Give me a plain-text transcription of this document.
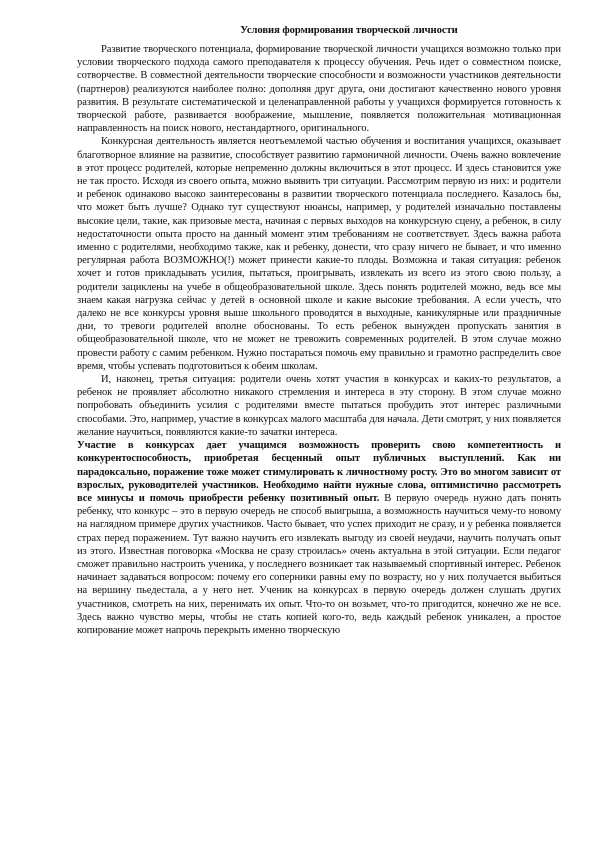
Условия формирования творческой личности

Развитие творческого потенциала, формирование творческой личности учащихся возможно только при условии творческого подхода самого преподавателя к процессу обучения. Речь идет о совместном поиске, сотворчестве. В совместной деятельности творческие способности и возможности участников деятельности (партнеров) реализуются наиболее полно: дополняя друг друга, они достигают качественно нового уровня развития. В результате систематической и целенаправленной работы у учащихся формируется готовность к творческой работе, развивается воображение, мышление, появляется положительная мотивационная направленность на поиск нового, нестандартного, оригинального.

Конкурсная деятельность является неотъемлемой частью обучения и воспитания учащихся, оказывает благотворное влияние на развитие, способствует развитию гармоничной личности. Очень важно вовлечение в этот процесс родителей, которые непременно должны включиться в этот процесс. И здесь становится уже не так просто. Исходя из своего опыта, можно выявить три ситуации. Рассмотрим первую из них: и родители и ребенок одинаково высоко заинтересованы в развитии творческого потенциала последнего. Казалось бы, что может быть лучше? Однако тут существуют нюансы, например, у родителей изначально поставлены высокие цели, такие, как призовые места, начиная с первых выходов на конкурсную сцену, а ребенок, в силу недостаточности опыта просто на данный момент этим требованиям не соответствует. Здесь важна работа именно с родителями, необходимо также, как и ребенку, донести, что сразу ничего не бывает, и что именно регулярная работа ВОЗМОЖНО(!) может принести какие-то плоды. Возможна и такая ситуация: ребенок хочет и готов прикладывать усилия, пытаться, проигрывать, извлекать из всего из этого свою пользу, а родители зациклены на учебе в общеобразовательной школе. Здесь понять родителей можно, ведь все мы знаем какая нагрузка сейчас у детей в основной школе и какие высокие требования. А если учесть, что далеко не все конкурсы уровня выше школьного проводятся в выходные, каникулярные или праздничные дни, то тревоги родителей вполне обоснованы. То есть ребенок вынужден пропускать занятия в общеобразовательной школе, что не может не тревожить современных родителей. В этом случае можно провести работу с самим ребенком. Нужно постараться помочь ему правильно и грамотно распределить свое время, чтобы успевать подготовиться к обеим школам.

И, наконец, третья ситуация: родители очень хотят участия в конкурсах и каких-то результатов, а ребенок не проявляет абсолютно никакого стремления и интереса в эту сторону. В этом случае можно попробовать объединить усилия с родителями вместе пытаться пробудить этот интерес различными способами. Это, например, участие в конкурсах малого масштаба для начала. Дети смотрят, у них появляется желание научиться, появляются какие-то зачатки интереса.

Участие в конкурсах дает учащимся возможность проверить свою компетентность и конкурентоспособность, приобретая бесценный опыт публичных выступлений. Как ни парадоксально, поражение тоже может стимулировать к личностному росту. Это во многом зависит от взрослых, руководителей участников. Необходимо найти нужные слова, оптимистично рассмотреть все минусы и помочь приобрести ребенку позитивный опыт. В первую очередь нужно дать понять ребенку, что конкурс – это в первую очередь не способ выигрыша, а возможность научиться чему-то новому на наглядном примере других участников. Часто бывает, что успех приходит не сразу, и у ребенка появляется страх перед поражением. Тут важно научить его извлекать выгоду из своей неудачи, научить получать опыт из этого. Известная поговорка «Москва не сразу строилась» очень актуальна в этой ситуации. Если педагог сможет правильно настроить ученика, у последнего возникает так называемый спортивный интерес. Ребенок начинает задаваться вопросом: почему его соперники равны ему по возрасту, но у них получается выбиться на вершину пьедестала, а у него нет. Ученик на конкурсах в первую очередь должен слушать других участников, смотреть на них, перенимать их опыт. Что-то он возьмет, что-то пригодится, конечно же не все. Здесь важно чувство меры, чтобы не стать копией кого-то, ведь каждый ребенок уникален, а простое копирование может напрочь перекрыть именно творческую
